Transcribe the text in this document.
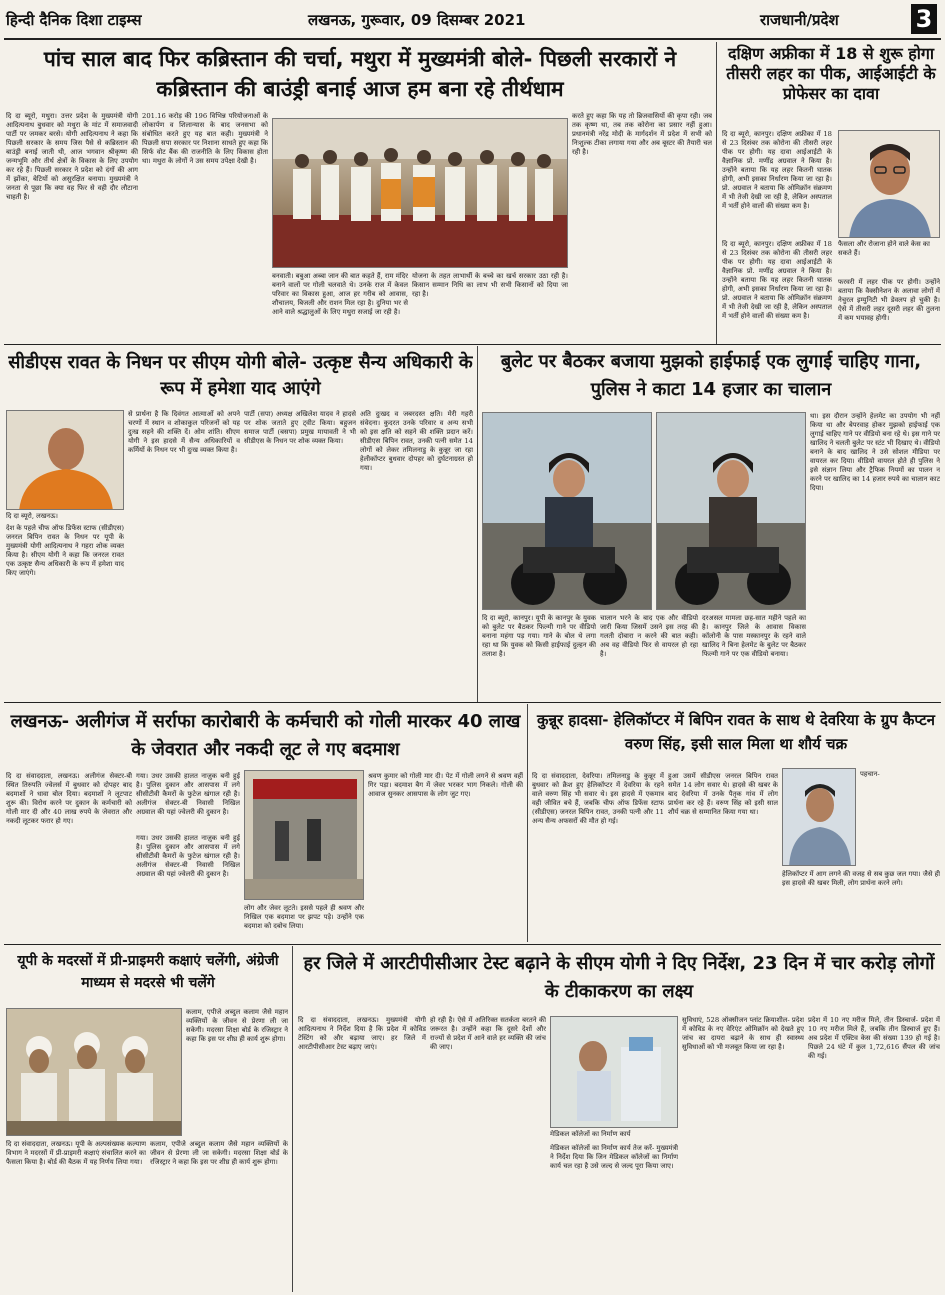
हिन्दी दैनिक दिशा टाइम्स	लखनऊ, गुरूवार, 09 दिसम्बर 2021	राजधानी/प्रदेश	3
पांच साल बाद फिर कब्रिस्तान की चर्चा, मथुरा में मुख्यमंत्री बोले- पिछली सरकारों ने कब्रिस्तान की बाउंड्री बनाई आज हम बना रहे तीर्थधाम
दि दा ब्यूरो, मथुरा। उत्तर प्रदेश के मुख्यमंत्री योगी आदित्यनाथ बुधवार को मथुरा के मांट में समाजवादी पार्टी पर जमकर बरसे। योगी आदित्यनाथ ने कहा कि पिछली सरकार के समय जिस पैसे से कब्रिस्तान की बाउंड्री बनाई जाती थी, आज भगवान श्रीकृष्ण की जन्मभूमि और तीर्थ क्षेत्रों के विकास के लिए उपयोग कर रहे हैं। पिछली सरकार ने प्रदेश को दंगों की आग में झोंका, बेटियों को असुरक्षित बनाया। मुख्यमंत्री ने जनता से पूछा कि क्या वह फिर से वही दौर लौटाना चाहती है।
201.16 करोड़ की 196 विभिन्न परियोजनाओं के लोकार्पण व शिलान्यास के बाद जनसभा को संबोधित करते हुए यह बात कही। मुख्यमंत्री ने पिछली सपा सरकार पर निशाना साधते हुए कहा कि सिर्फ वोट बैंक की राजनीति के लिए विकास होता था। मथुरा के लोगों ने उस समय उपेक्षा देखी है।
बनवाती। बबुआ अब्बा जान की बात कहते हैं, राम मंदिर बनाने वालों पर गोली चलवाते थे। उनके राज में केवल परिवार का विकास हुआ, आज हर गरीब को आवास, शौचालय, बिजली और राशन मिल रहा है। दुनिया भर से आने वाले श्रद्धालुओं के लिए मथुरा सजाई जा रही है।
योजना के तहत लाभार्थी के बच्चे का खर्च सरकार उठा रही है। किसान सम्मान निधि का लाभ भी सभी किसानों को दिया जा रहा है।
करते हुए कहा कि यह तो ब्रिजवासियों की कृपा रही। जब तक कृष्ण था, तब तक कोरोना का प्रसार नहीं हुआ। प्रधानमंत्री नरेंद्र मोदी के मार्गदर्शन में प्रदेश में सभी को निःशुल्क टीका लगाया गया और अब बूस्टर की तैयारी चल रही है।
दक्षिण अफ्रीका में 18 से शुरू होगा तीसरी लहर का पीक, आईआईटी के प्रोफेसर का दावा
दि दा ब्यूरो, कानपुर। दक्षिण अफ्रीका में 18 से 23 दिसंबर तक कोरोना की तीसरी लहर पीक पर होगी। यह दावा आईआईटी के वैज्ञानिक प्रो. मणींद्र अग्रवाल ने किया है। उन्होंने बताया कि यह लहर कितनी घातक होगी, अभी इसका निर्धारण किया जा रहा है। प्रो. अग्रवाल ने बताया कि ओमिक्रॉन संक्रमण में भी तेजी देखी जा रही है, लेकिन अस्पताल में भर्ती होने वालों की संख्या कम है।
फैसला और रोजाना होने वाले केस का सकते हैं।
दि दा ब्यूरो, कानपुर। दक्षिण अफ्रीका में 18 से 23 दिसंबर तक कोरोना की तीसरी लहर पीक पर होगी। यह दावा आईआईटी के वैज्ञानिक प्रो. मणींद्र अग्रवाल ने किया है। उन्होंने बताया कि यह लहर कितनी घातक होगी, अभी इसका निर्धारण किया जा रहा है। प्रो. अग्रवाल ने बताया कि ओमिक्रॉन संक्रमण में भी तेजी देखी जा रही है, लेकिन अस्पताल में भर्ती होने वालों की संख्या कम है।
फरवरी में लहर पीक पर होगी। उन्होंने बताया कि वैक्सीनेशन के अलावा लोगों में नेचुरल इम्युनिटी भी डेवलप हो चुकी है। ऐसे में तीसरी लहर दूसरी लहर की तुलना में कम भयावह होगी।
सीडीएस रावत के निधन पर सीएम योगी बोले- उत्कृष्ट सैन्य अधिकारी के रूप में हमेशा याद आएंगे
दि दा ब्यूरो, लखनऊ।
देश के पहले चीफ ऑफ डिफेंस स्टाफ (सीडीएस) जनरल बिपिन रावत के निधन पर यूपी के मुख्यमंत्री योगी आदित्यनाथ ने गहरा शोक व्यक्त किया है। सीएम योगी ने कहा कि जनरल रावत एक उत्कृष्ट सैन्य अधिकारी के रूप में हमेशा याद किए जाएंगे।
से प्रार्थना है कि दिवंगत आत्माओं को अपने चरणों में स्थान व शोकाकुल परिजनों को यह दुःख सहने की शक्ति दें। ओम शांति। सीएम योगी ने इस हादसे में सैन्य अधिकारियों व कर्मियों के निधन पर भी दुःख व्यक्त किया है।
पार्टी (सपा) अध्यक्ष अखिलेश यादव ने हादसे पर शोक जताते हुए ट्वीट किया। बहुजन समाज पार्टी (बसपा) प्रमुख मायावती ने भी सीडीएस के निधन पर शोक व्यक्त किया।
अति दुःखद व जबरदस्त क्षति। मेरी गहरी संवेदना। कुदरत उनके परिवार व अन्य सभी को इस क्षति को सहने की शक्ति प्रदान करें। सीडीएस बिपिन रावत, उनकी पत्नी समेत 14 लोगों को लेकर तमिलनाडु के कुन्नूर जा रहा हेलीकॉप्टर बुधवार दोपहर को दुर्घटनाग्रस्त हो गया।
बुलेट पर बैठकर बजाया मुझको हाईफाई एक लुगाई चाहिए गाना, पुलिस ने काटा 14 हजार का चालान
था। इस दौरान उन्होंने हेलमेट का उपयोग भी नहीं किया था और बेपरवाह होकर मुझको हाईफाई एक लुगाई चाहिए गाने पर वीडियो बना रहे थे। इस गाने पर खालिद ने चलती बुलेट पर स्टंट भी दिखाए थे। वीडियो बनाने के बाद खालिद ने उसे सोशल मीडिया पर वायरल कर दिया। वीडियो वायरल होते ही पुलिस ने इसे संज्ञान लिया और ट्रैफिक नियमों का पालन न करने पर खालिद का 14 हजार रुपये का चालान काट दिया।
दि दा ब्यूरो, कानपुर। यूपी के कानपुर के युवक को बुलेट पर बैठकर फिल्मी गाने पर वीडियो बनाना महंगा पड़ गया। गाने के बोल थे लगा रहा था कि युवक को किसी हाईफाई दुल्हन की तलाश है।
चालान भरने के बाद एक और वीडियो जारी किया जिसमें उसने इस तरह की गलती दोबारा न करने की बात कही। अब वह वीडियो फिर से वायरल हो रहा है।
दरअसल मामला छह-सात महीने पहले का है। कानपुर जिले के आवास विकास कॉलोनी के पास मस्कानपुर के रहने वाले खालिद ने बिना हेलमेट के बुलेट पर बैठकर फिल्मी गाने पर एक वीडियो बनाया।
लखनऊ- अलीगंज में सर्राफा कारोबारी के कर्मचारी को गोली मारकर 40 लाख के जेवरात और नकदी लूट ले गए बदमाश
दि दा संवाददाता, लखनऊ। अलीगंज सेक्टर-बी स्थित तिरुपति ज्वेलर्स में बुधवार को दोपहर बाद बदमाशों ने धावा बोल दिया। बदमाशों ने लूटपाट शुरू की। विरोध करने पर दुकान के कर्मचारी को गोली मार दी और 40 लाख रुपये के जेवरात और नकदी लूटकर फरार हो गए।
गया। उधर उसकी हालत नाज़ुक बनी हुई है। पुलिस दुकान और आसपास में लगे सीसीटीवी कैमरों के फुटेज खंगाल रही है। अलीगंज सेक्टर-बी निवासी निखिल अग्रवाल की यहां ज्वेलरी की दुकान है।
गया। उधर उसकी हालत नाज़ुक बनी हुई है। पुलिस दुकान और आसपास में लगे सीसीटीवी कैमरों के फुटेज खंगाल रही है। अलीगंज सेक्टर-बी निवासी निखिल अग्रवाल की यहां ज्वेलरी की दुकान है।
लोग और जेवर लूटते। इससे पहले ही श्रवण और निखिल एक बदमाश पर झपट पड़े। उन्होंने एक बदमाश को दबोच लिया।
श्रवण कुमार को गोली मार दी। पेट में गोली लगने से श्रवण वहीं गिर पड़ा। बदमाश बैग में जेवर भरकर भाग निकले। गोली की आवाज सुनकर आसपास के लोग जुट गए।
कुन्नूर हादसा- हेलिकॉप्टर में बिपिन रावत के साथ थे देवरिया के ग्रुप कैप्टन वरुण सिंह, इसी साल मिला था शौर्य चक्र
दि दा संवाददाता, देवरिया। तमिलनाडु के कुन्नूर में बुधवार को क्रैश हुए हेलिकॉप्टर में देवरिया के रहने वाले वरुण सिंह भी सवार थे। इस हादसे में एकमात्र वही जीवित बचे हैं, जबकि चीफ ऑफ डिफेंस स्टाफ (सीडीएस) जनरल बिपिन रावत, उनकी पत्नी और 11 अन्य सैन्य अफसरों की मौत हो गई।
हुआ उसमें सीडीएस जनरल बिपिन रावत समेत 14 लोग सवार थे। हादसे की खबर के बाद देवरिया में उनके पैतृक गांव में लोग प्रार्थना कर रहे हैं। वरुण सिंह को इसी साल शौर्य चक्र से सम्मानित किया गया था।
पहचान-
हेलिकॉप्टर में आग लगने की वजह से सब कुछ जल गया। जैसे ही इस हादसे की खबर मिली, लोग प्रार्थना करने लगे।
यूपी के मदरसों में प्री-प्राइमरी कक्षाएं चलेंगी, अंग्रेजी माध्यम से मदरसे भी चलेंगे
कलाम, एपीजे अब्दुल कलाम जैसे महान व्यक्तियों के जीवन से प्रेरणा ली जा सकेगी। मदरसा शिक्षा बोर्ड के रजिस्ट्रार ने कहा कि इस पर शीघ्र ही कार्य शुरू होगा।
दि दा संवाददाता, लखनऊ। यूपी के अल्पसंख्यक कल्याण विभाग ने मदरसों में प्री-प्राइमरी कक्षाएं संचालित करने का फैसला किया है। बोर्ड की बैठक में यह निर्णय लिया गया।
कलाम, एपीजे अब्दुल कलाम जैसे महान व्यक्तियों के जीवन से प्रेरणा ली जा सकेगी। मदरसा शिक्षा बोर्ड के रजिस्ट्रार ने कहा कि इस पर शीघ्र ही कार्य शुरू होगा।
हर जिले में आरटीपीसीआर टेस्ट बढ़ाने के सीएम योगी ने दिए निर्देश, 23 दिन में चार करोड़ लोगों के टीकाकरण का लक्ष्य
दि दा संवाददाता, लखनऊ। मुख्यमंत्री योगी आदित्यनाथ ने निर्देश दिया है कि प्रदेश में कोविड टेस्टिंग को और बढ़ाया जाए। हर जिले में आरटीपीसीआर टेस्ट बढ़ाए जाएं।
हो रही है। ऐसे में अतिरिक्त सतर्कता बरतने की जरूरत है। उन्होंने कहा कि दूसरे देशों और राज्यों से प्रदेश में आने वाले हर व्यक्ति की जांच की जाए।
मेडिकल कॉलेजों का निर्माण कार्य
मेडिकल कॉलेजों का निर्माण कार्य तेज करें- मुख्यमंत्री ने निर्देश दिया कि जिन मेडिकल कॉलेजों का निर्माण कार्य चल रहा है उसे जल्द से जल्द पूरा किया जाए।
सुविधाएं, 528 ऑक्सीजन प्लांट क्रियाशील- प्रदेश में कोविड के नए वेरिएंट ओमिक्रॉन को देखते हुए जांच का दायरा बढ़ाने के साथ ही स्वास्थ्य सुविधाओं को भी मजबूत किया जा रहा है।
प्रदेश में 10 नए मरीज मिले, तीन डिस्चार्ज- प्रदेश में 10 नए मरीज मिले हैं, जबकि तीन डिस्चार्ज हुए हैं। अब प्रदेश में एक्टिव केस की संख्या 139 हो गई है। पिछले 24 घंटे में कुल 1,72,616 सैंपल की जांच की गई।
